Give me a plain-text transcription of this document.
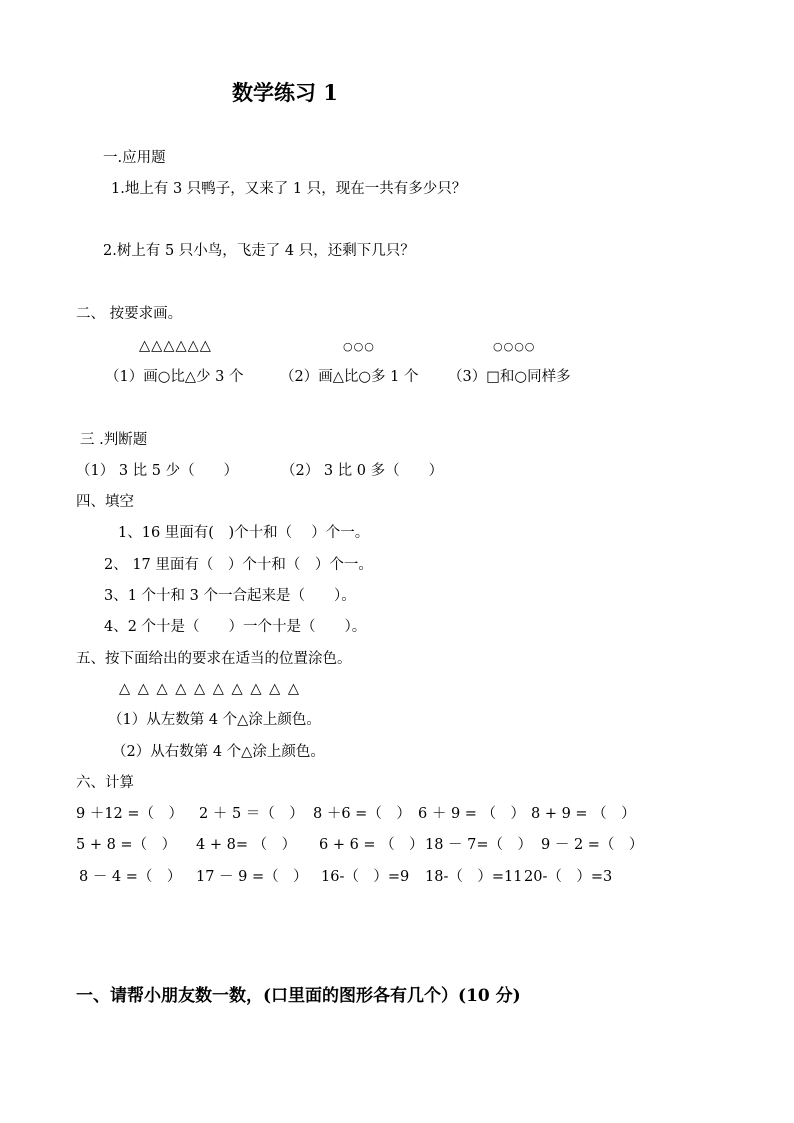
数学练习 1
一.应用题
1.地上有 3 只鸭子，又来了 1 只，现在一共有多少只？
2.树上有 5 只小鸟，飞走了 4 只，还剩下几只？
二、 按要求画。
△△△△△△	○○○	○○○○
（1）画○比△少 3 个	（2）画△比○多 1 个 （3）□和○同样多
三 .判断题
（1） 3 比 5 少（　　）	（2） 3 比 0 多（　　）
四、填空
1、16 里面有(　)个十和（　 ）个一。
2、 17 里面有（　）个十和（　）个一。
3、1 个十和 3 个一合起来是（　　）。
4、2 个十是（　　）一个十是（　　）。
五、按下面给出的要求在适当的位置涂色。
△ △ △ △ △ △ △ △ △ △
（1）从左数第 4 个△涂上颜色。
（2）从右数第 4 个△涂上颜色。
六、计算
9 ＋12 =（　） 2 ＋ 5 ＝（　） 8 ＋6 =（　） 6 ＋ 9 = （　） 8 + 9 = （　）
5 + 8 =（　） 4 + 8= （　） 6 + 6 = （　） 18 － 7=（　） 9 － 2 =（　）
8 － 4 =（　） 17 － 9 =（　） 16-（　）=9 18-（　）=11 20-（　）=3
一、请帮小朋友数一数，(口里面的图形各有几个）(10 分)
